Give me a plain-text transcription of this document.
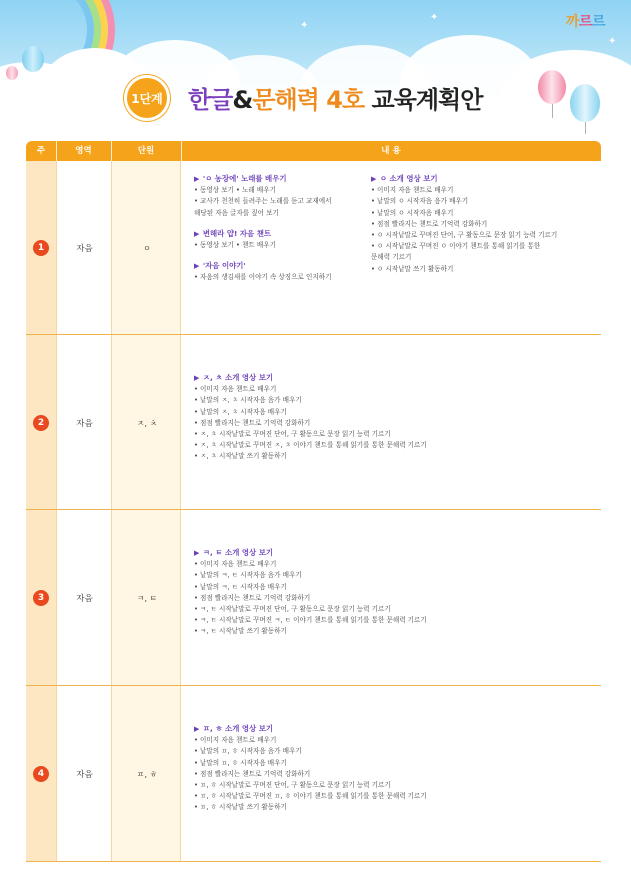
✦
✦
✦	까르르
1단계	한글&문해력 4호 교육계획안
주	영역	단원	내 용
1	자음	ㅇ
▶ 'ㅇ 농장에' 노래를 배우기
• 동영상 보기 • 노래 배우기
• 교사가 천천히 들려주는 노래를 듣고 교재에서
해당된 자음 글자를 짚어 보기
▶ 변해라 얍! 자음 챈트
• 동영상 보기 • 챈트 배우기
▶ '자음 이야기'
• 자음의 생김새를 이야기 속 상징으로 인지하기
▶ ㅇ 소개 영상 보기
• 이미지 자음 챈트로 배우기
• 낱말의 ㅇ 시작자음 음가 배우기
• 낱말의 ㅇ 시작자음 배우기
• 점점 빨라지는 챈트로 기억력 강화하기
• ㅇ 시작낱말로 꾸며진 단어, 구 활동으로 문장 읽기 능력 기르기
• ㅇ 시작낱말로 꾸며진 ㅇ 이야기 챈트를 통해 읽기를 통한
문해력 기르기
• ㅇ 시작낱말 쓰기 활동하기
2	자음	ㅈ, ㅊ
▶ ㅈ, ㅊ 소개 영상 보기
• 이미지 자음 챈트로 배우기
• 낱말의 ㅈ, ㅊ 시작자음 음가 배우기
• 낱말의 ㅈ, ㅊ 시작자음 배우기
• 점점 빨라지는 챈트로 기억력 강화하기
• ㅈ, ㅊ 시작낱말로 꾸며진 단어, 구 활동으로 문장 읽기 능력 기르기
• ㅈ, ㅊ 시작낱말로 꾸며진 ㅈ, ㅊ 이야기 챈트를 통해 읽기를 통한 문해력 기르기
• ㅈ, ㅊ 시작낱말 쓰기 활동하기
3	자음	ㅋ, ㅌ
▶ ㅋ, ㅌ 소개 영상 보기
• 이미지 자음 챈트로 배우기
• 낱말의 ㅋ, ㅌ 시작자음 음가 배우기
• 낱말의 ㅋ, ㅌ 시작자음 배우기
• 점점 빨라지는 챈트로 기억력 강화하기
• ㅋ, ㅌ 시작낱말로 꾸며진 단어, 구 활동으로 문장 읽기 능력 기르기
• ㅋ, ㅌ 시작낱말로 꾸며진 ㅋ, ㅌ 이야기 챈트를 통해 읽기를 통한 문해력 기르기
• ㅋ, ㅌ 시작낱말 쓰기 활동하기
4	자음	ㅍ, ㅎ
▶ ㅍ, ㅎ 소개 영상 보기
• 이미지 자음 챈트로 배우기
• 낱말의 ㅍ, ㅎ 시작자음 음가 배우기
• 낱말의 ㅍ, ㅎ 시작자음 배우기
• 점점 빨라지는 챈트로 기억력 강화하기
• ㅍ, ㅎ 시작낱말로 꾸며진 단어, 구 활동으로 문장 읽기 능력 기르기
• ㅍ, ㅎ 시작낱말로 꾸며진 ㅍ, ㅎ 이야기 챈트를 통해 읽기를 통한 문해력 기르기
• ㅍ, ㅎ 시작낱말 쓰기 활동하기
